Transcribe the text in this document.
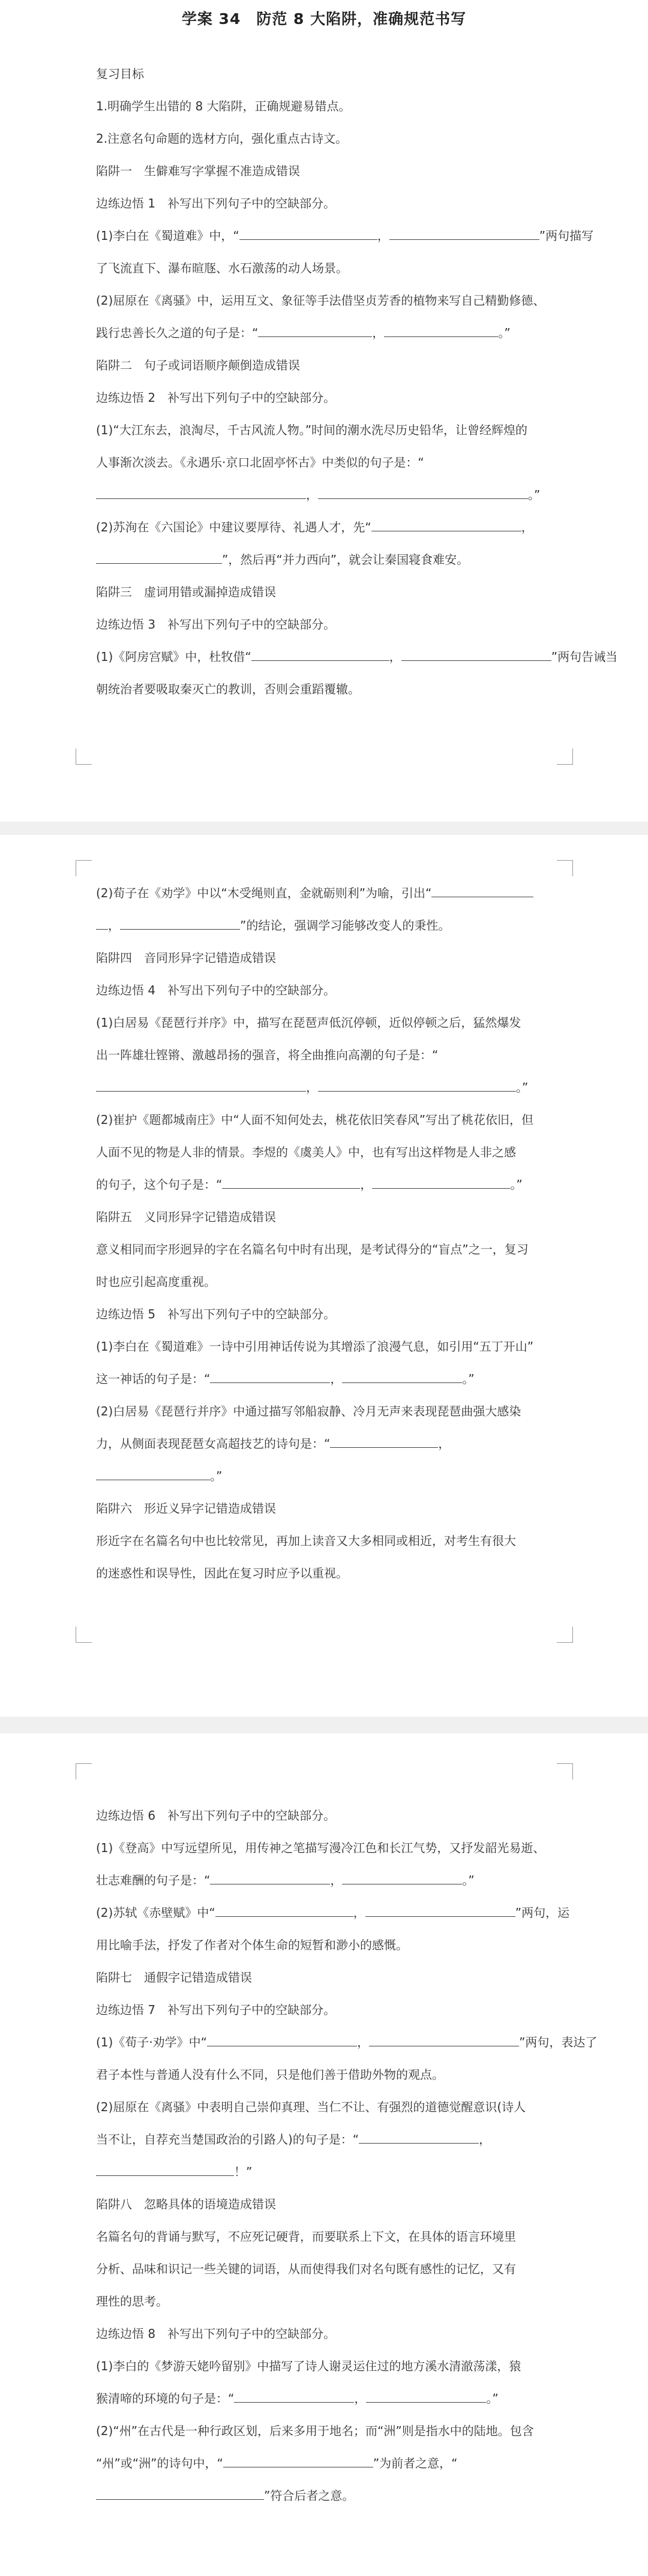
学案 34　防范 8 大陷阱，准确规范书写
复习目标
1.明确学生出错的 8 大陷阱，正确规避易错点。
2.注意名句命题的选材方向，强化重点古诗文。
陷阱一　生僻难写字掌握不准造成错误
边练边悟 1　补写出下列句子中的空缺部分。
(1)李白在《蜀道难》中，“	，	”两句描写
了飞流直下、瀑布暄豗、水石激荡的动人场景。
(2)屈原在《离骚》中，运用互文、象征等手法借坚贞芳香的植物来写自己精勤修德、
践行忠善长久之道的句子是：“	，	。”
陷阱二　句子或词语顺序颠倒造成错误
边练边悟 2　补写出下列句子中的空缺部分。
(1)“大江东去，浪淘尽，千古风流人物。”时间的潮水洗尽历史铅华，让曾经辉煌的
人事渐次淡去。《永遇乐·京口北固亭怀古》中类似的句子是：“
，	。”
(2)苏洵在《六国论》中建议要厚待、礼遇人才，先“	，
”，然后再“并力西向”，就会让秦国寝食难安。
陷阱三　虚词用错或漏掉造成错误
边练边悟 3　补写出下列句子中的空缺部分。
(1)《阿房宫赋》中，杜牧借“	，	”两句告诫当
朝统治者要吸取秦灭亡的教训，否则会重蹈覆辙。
(2)荀子在《劝学》中以“木受绳则直，金就砺则利”为喻，引出“
，	”的结论，强调学习能够改变人的秉性。
陷阱四　音同形异字记错造成错误
边练边悟 4　补写出下列句子中的空缺部分。
(1)白居易《琵琶行并序》中，描写在琵琶声低沉停顿，近似停顿之后，猛然爆发
出一阵雄壮铿锵、激越昂扬的强音，将全曲推向高潮的句子是：“
，	。”
(2)崔护《题都城南庄》中“人面不知何处去，桃花依旧笑春风”写出了桃花依旧，但
人面不见的物是人非的情景。李煜的《虞美人》中，也有写出这样物是人非之感
的句子，这个句子是：“	，	。”
陷阱五　义同形异字记错造成错误
意义相同而字形迥异的字在名篇名句中时有出现，是考试得分的“盲点”之一，复习
时也应引起高度重视。
边练边悟 5　补写出下列句子中的空缺部分。
(1)李白在《蜀道难》一诗中引用神话传说为其增添了浪漫气息，如引用“五丁开山”
这一神话的句子是：“	，	。”
(2)白居易《琵琶行并序》中通过描写邻船寂静、冷月无声来表现琵琶曲强大感染
力，从侧面表现琵琶女高超技艺的诗句是：“	，
。”
陷阱六　形近义异字记错造成错误
形近字在名篇名句中也比较常见，再加上读音又大多相同或相近，对考生有很大
的迷惑性和误导性，因此在复习时应予以重视。
边练边悟 6　补写出下列句子中的空缺部分。
(1)《登高》中写远望所见，用传神之笔描写漫冷江色和长江气势，又抒发韶光易逝、
壮志难酬的句子是：“	，	。”
(2)苏轼《赤壁赋》中“	，	”两句，运
用比喻手法，抒发了作者对个体生命的短暂和渺小的感慨。
陷阱七　通假字记错造成错误
边练边悟 7　补写出下列句子中的空缺部分。
(1)《荀子·劝学》中“	，	”两句，表达了
君子本性与普通人没有什么不同，只是他们善于借助外物的观点。
(2)屈原在《离骚》中表明自己崇仰真理、当仁不让、有强烈的道德觉醒意识(诗人
当不让，自荐充当楚国政治的引路人)的句子是：“	，
！”
陷阱八　忽略具体的语境造成错误
名篇名句的背诵与默写，不应死记硬背，而要联系上下文，在具体的语言环境里
分析、品味和识记一些关键的词语，从而使得我们对名句既有感性的记忆，又有
理性的思考。
边练边悟 8　补写出下列句子中的空缺部分。
(1)李白的《梦游天姥吟留别》中描写了诗人谢灵运住过的地方溪水清澈荡漾，猿
猴清啼的环境的句子是：“	，	。”
(2)“州”在古代是一种行政区划，后来多用于地名；而“洲”则是指水中的陆地。包含
“州”或“洲”的诗句中，“	”为前者之意，“
”符合后者之意。
